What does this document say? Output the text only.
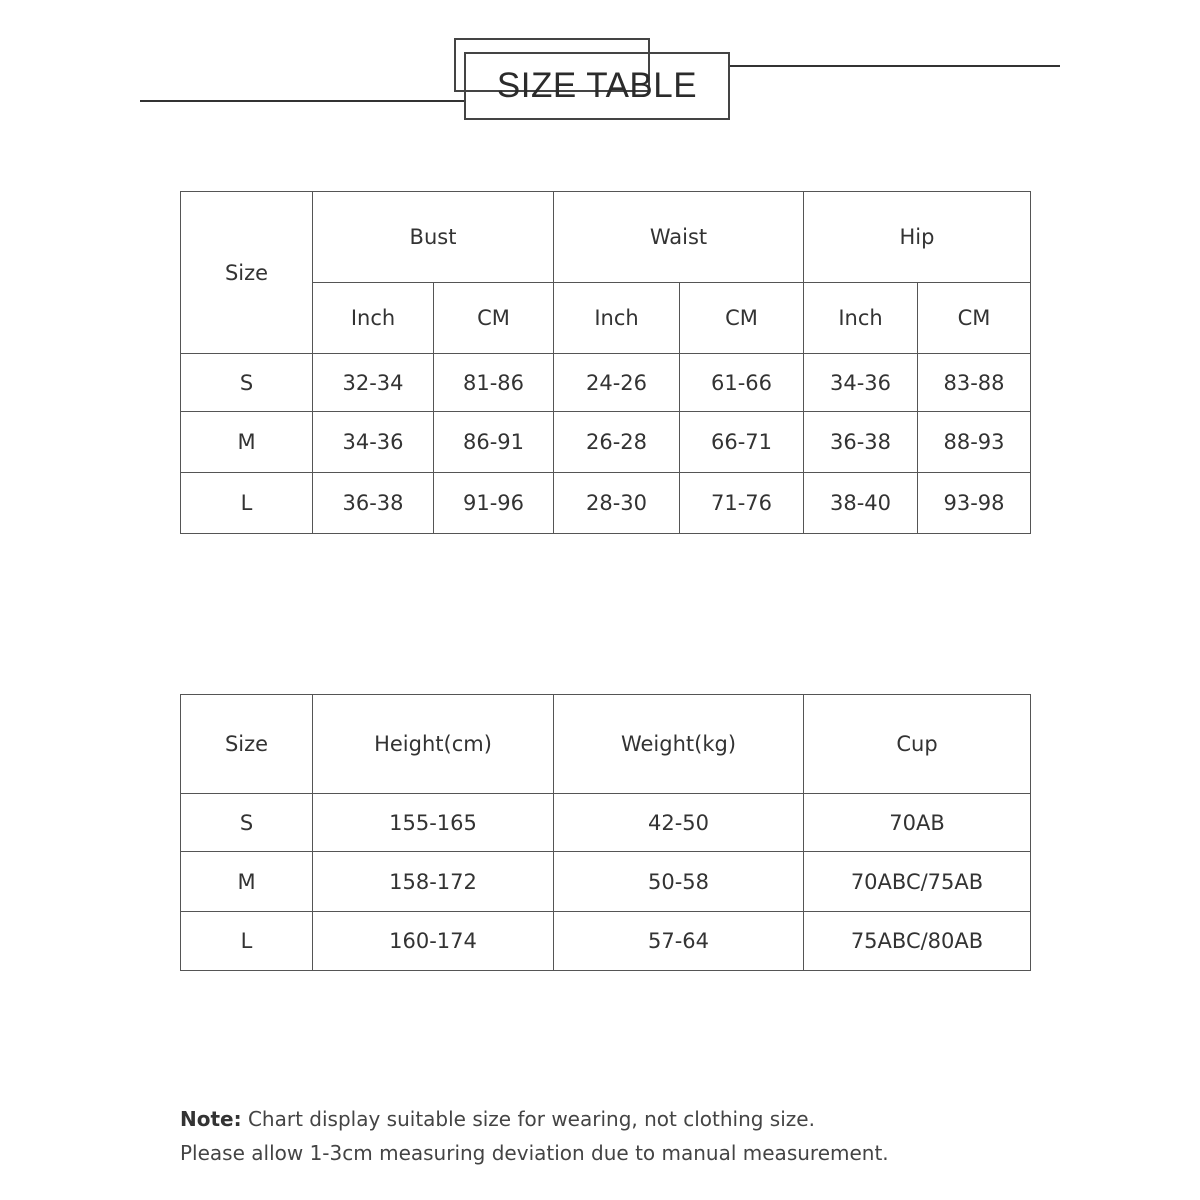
SIZE TABLE
Size	Bust		Waist		Hip	
	Inch	CM	Inch	CM	Inch	CM
S	32-34	81-86	24-26	61-66	34-36	83-88
M	34-36	86-91	26-28	66-71	36-38	88-93
L	36-38	91-96	28-30	71-76	38-40	93-98
Size	Height(cm)	Weight(kg)	Cup
S	155-165	42-50	70AB
M	158-172	50-58	70ABC/75AB
L	160-174	57-64	75ABC/80AB
Note: Chart display suitable size for wearing, not clothing size.
Please allow 1-3cm measuring deviation due to manual measurement.
